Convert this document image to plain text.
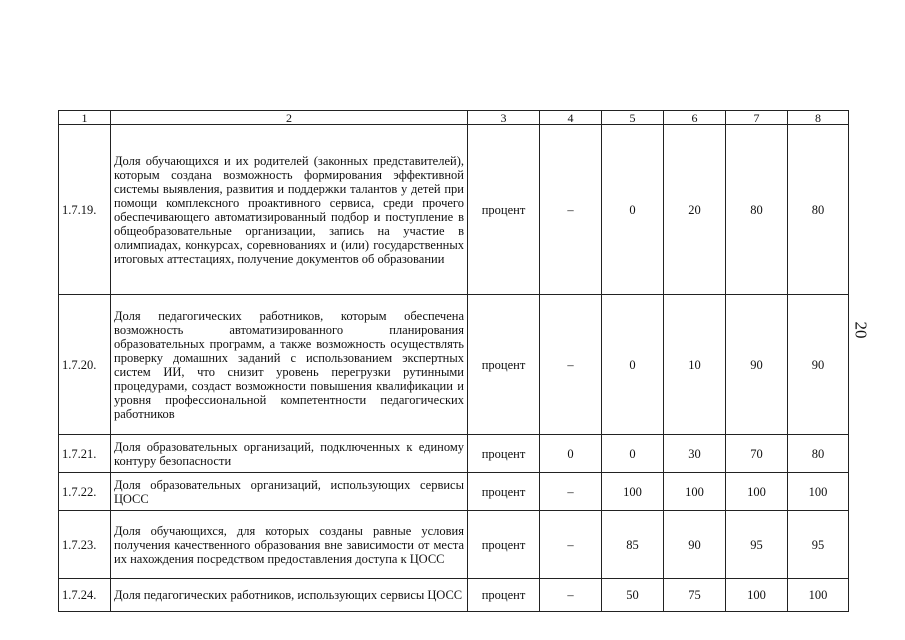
1	2	3	4	5	6	7	8
1.7.19.	Доля обучающихся и их родителей (законных представителей), которым создана возможность формирования эффективной системы выявления, развития и поддержки талантов у детей при помощи комплексного проактивного сервиса, среди прочего обеспечивающего автоматизированный подбор и поступление в общеобразовательные организации, запись на участие в олимпиадах, конкурсах, соревнованиях и (или) государственных итоговых аттестациях, получение документов об образовании	процент	–	0	20	80	80
1.7.20.	Доля педагогических работников, которым обеспечена возможность автоматизированного планирования образовательных программ, а также возможность осуществлять проверку домашних заданий с использованием экспертных систем ИИ, что снизит уровень перегрузки рутинными процедурами, создаст возможности повышения квалификации и уровня профессиональной компетентности педагогических работников	процент	–	0	10	90	90
1.7.21.	Доля образовательных организаций, подключенных к единому контуру безопасности	процент	0	0	30	70	80
1.7.22.	Доля образовательных организаций, использующих сервисы ЦОСС	процент	–	100	100	100	100
1.7.23.	Доля обучающихся, для которых созданы равные условия получения качественного образования вне зависимости от места их нахождения посредством предоставления доступа к ЦОСС	процент	–	85	90	95	95
1.7.24.	Доля педагогических работников, использующих сервисы ЦОСС	процент	–	50	75	100	100
20
